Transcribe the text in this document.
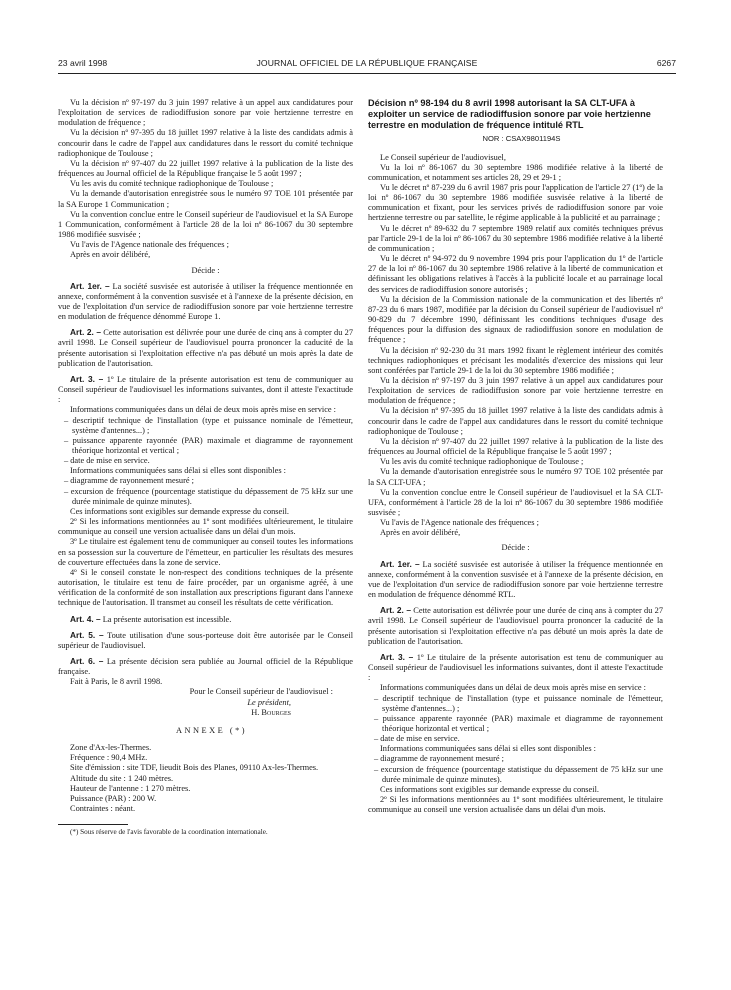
23 avril 1998	JOURNAL OFFICIEL DE LA RÉPUBLIQUE FRANÇAISE	6267

Vu la décision nº 97-197 du 3 juin 1997 relative à un appel aux candidatures pour l'exploitation de services de radiodiffusion sonore par voie hertzienne terrestre en modulation de fréquence ;

Vu la décision nº 97-395 du 18 juillet 1997 relative à la liste des candidats admis à concourir dans le cadre de l'appel aux candidatures dans le ressort du comité technique radiophonique de Toulouse ;

Vu la décision nº 97-407 du 22 juillet 1997 relative à la publication de la liste des fréquences au Journal officiel de la République française le 5 août 1997 ;

Vu les avis du comité technique radiophonique de Toulouse ;

Vu la demande d'autorisation enregistrée sous le numéro 97 TOE 101 présentée par la SA Europe 1 Communication ;

Vu la convention conclue entre le Conseil supérieur de l'audiovisuel et la SA Europe 1 Communication, conformément à l'article 28 de la loi nº 86-1067 du 30 septembre 1986 modifiée susvisée ;

Vu l'avis de l'Agence nationale des fréquences ;

Après en avoir délibéré,

Décide :

Art. 1er. – La société susvisée est autorisée à utiliser la fréquence mentionnée en annexe, conformément à la convention susvisée et à l'annexe de la présente décision, en vue de l'exploitation d'un service de radiodiffusion sonore par voie hertzienne terrestre en modulation de fréquence dénommé Europe 1.

Art. 2. – Cette autorisation est délivrée pour une durée de cinq ans à compter du 27 avril 1998. Le Conseil supérieur de l'audiovisuel pourra prononcer la caducité de la présente autorisation si l'exploitation effective n'a pas débuté un mois après la date de publication de l'autorisation.

Art. 3. – 1º Le titulaire de la présente autorisation est tenu de communiquer au Conseil supérieur de l'audiovisuel les informations suivantes, dont il atteste l'exactitude :

Informations communiquées dans un délai de deux mois après mise en service :

– descriptif technique de l'installation (type et puissance nominale de l'émetteur, système d'antennes...) ;
– puissance apparente rayonnée (PAR) maximale et diagramme de rayonnement théorique horizontal et vertical ;
– date de mise en service.

Informations communiquées sans délai si elles sont disponibles :

– diagramme de rayonnement mesuré ;
– excursion de fréquence (pourcentage statistique du dépassement de 75 kHz sur une durée minimale de quinze minutes).

Ces informations sont exigibles sur demande expresse du conseil.

2º Si les informations mentionnées au 1º sont modifiées ultérieurement, le titulaire communique au conseil une version actualisée dans un délai d'un mois.

3º Le titulaire est également tenu de communiquer au conseil toutes les informations en sa possession sur la couverture de l'émetteur, en particulier les résultats des mesures de couverture effectuées dans la zone de service.

4º Si le conseil constate le non-respect des conditions techniques de la présente autorisation, le titulaire est tenu de faire procéder, par un organisme agréé, à une vérification de la conformité de son installation aux prescriptions figurant dans l'annexe technique de l'autorisation. Il transmet au conseil les résultats de cette vérification.

Art. 4. – La présente autorisation est incessible.

Art. 5. – Toute utilisation d'une sous-porteuse doit être autorisée par le Conseil supérieur de l'audiovisuel.

Art. 6. – La présente décision sera publiée au Journal officiel de la République française.

Fait à Paris, le 8 avril 1998.

Pour le Conseil supérieur de l'audiovisuel :

Le président,

H. Bourges

ANNEXE (*)

Zone d'Ax-les-Thermes.

Fréquence : 90,4 MHz.

Site d'émission : site TDF, lieudit Bois des Planes, 09110 Ax-les-Thermes.

Altitude du site : 1 240 mètres.

Hauteur de l'antenne : 1 270 mètres.

Puissance (PAR) : 200 W.

Contraintes : néant.

(*) Sous réserve de l'avis favorable de la coordination internationale.

Décision nº 98-194 du 8 avril 1998 autorisant la SA CLT-UFA à exploiter un service de radiodiffusion sonore par voie hertzienne terrestre en modulation de fréquence intitulé RTL

NOR : CSAX9801194S

Le Conseil supérieur de l'audiovisuel,

Vu la loi nº 86-1067 du 30 septembre 1986 modifiée relative à la liberté de communication, et notamment ses articles 28, 29 et 29-1 ;

Vu le décret nº 87-239 du 6 avril 1987 pris pour l'application de l'article 27 (1º) de la loi nº 86-1067 du 30 septembre 1986 modifiée susvisée relative à la liberté de communication et fixant, pour les services privés de radiodiffusion sonore par voie hertzienne terrestre ou par satellite, le régime applicable à la publicité et au parrainage ;

Vu le décret nº 89-632 du 7 septembre 1989 relatif aux comités techniques prévus par l'article 29-1 de la loi nº 86-1067 du 30 septembre 1986 modifiée relative à la liberté de communication ;

Vu le décret nº 94-972 du 9 novembre 1994 pris pour l'application du 1º de l'article 27 de la loi nº 86-1067 du 30 septembre 1986 relative à la liberté de communication et définissant les obligations relatives à l'accès à la publicité locale et au parrainage local des services de radiodiffusion sonore autorisés ;

Vu la décision de la Commission nationale de la communication et des libertés nº 87-23 du 6 mars 1987, modifiée par la décision du Conseil supérieur de l'audiovisuel nº 90-829 du 7 décembre 1990, définissant les conditions techniques d'usage des fréquences pour la diffusion des signaux de radiodiffusion sonore en modulation de fréquence ;

Vu la décision nº 92-230 du 31 mars 1992 fixant le règlement intérieur des comités techniques radiophoniques et précisant les modalités d'exercice des missions qui leur sont conférées par l'article 29-1 de la loi du 30 septembre 1986 modifiée ;

Vu la décision nº 97-197 du 3 juin 1997 relative à un appel aux candidatures pour l'exploitation de services de radiodiffusion sonore par voie hertzienne terrestre en modulation de fréquence ;

Vu la décision nº 97-395 du 18 juillet 1997 relative à la liste des candidats admis à concourir dans le cadre de l'appel aux candidatures dans le ressort du comité technique radiophonique de Toulouse ;

Vu la décision nº 97-407 du 22 juillet 1997 relative à la publication de la liste des fréquences au Journal officiel de la République française le 5 août 1997 ;

Vu les avis du comité technique radiophonique de Toulouse ;

Vu la demande d'autorisation enregistrée sous le numéro 97 TOE 102 présentée par la SA CLT-UFA ;

Vu la convention conclue entre le Conseil supérieur de l'audiovisuel et la SA CLT-UFA, conformément à l'article 28 de la loi nº 86-1067 du 30 septembre 1986 modifiée susvisée ;

Vu l'avis de l'Agence nationale des fréquences ;

Après en avoir délibéré,

Décide :

Art. 1er. – La société susvisée est autorisée à utiliser la fréquence mentionnée en annexe, conformément à la convention susvisée et à l'annexe de la présente décision, en vue de l'exploitation d'un service de radiodiffusion sonore par voie hertzienne terrestre en modulation de fréquence dénommé RTL.

Art. 2. – Cette autorisation est délivrée pour une durée de cinq ans à compter du 27 avril 1998. Le Conseil supérieur de l'audiovisuel pourra prononcer la caducité de la présente autorisation si l'exploitation effective n'a pas débuté un mois après la date de publication de l'autorisation.

Art. 3. – 1º Le titulaire de la présente autorisation est tenu de communiquer au Conseil supérieur de l'audiovisuel les informations suivantes, dont il atteste l'exactitude :

Informations communiquées dans un délai de deux mois après mise en service :

– descriptif technique de l'installation (type et puissance nominale de l'émetteur, système d'antennes...) ;
– puissance apparente rayonnée (PAR) maximale et diagramme de rayonnement théorique horizontal et vertical ;
– date de mise en service.

Informations communiquées sans délai si elles sont disponibles :

– diagramme de rayonnement mesuré ;
– excursion de fréquence (pourcentage statistique du dépassement de 75 kHz sur une durée minimale de quinze minutes).

Ces informations sont exigibles sur demande expresse du conseil.

2º Si les informations mentionnées au 1º sont modifiées ultérieurement, le titulaire communique au conseil une version actualisée dans un délai d'un mois.
